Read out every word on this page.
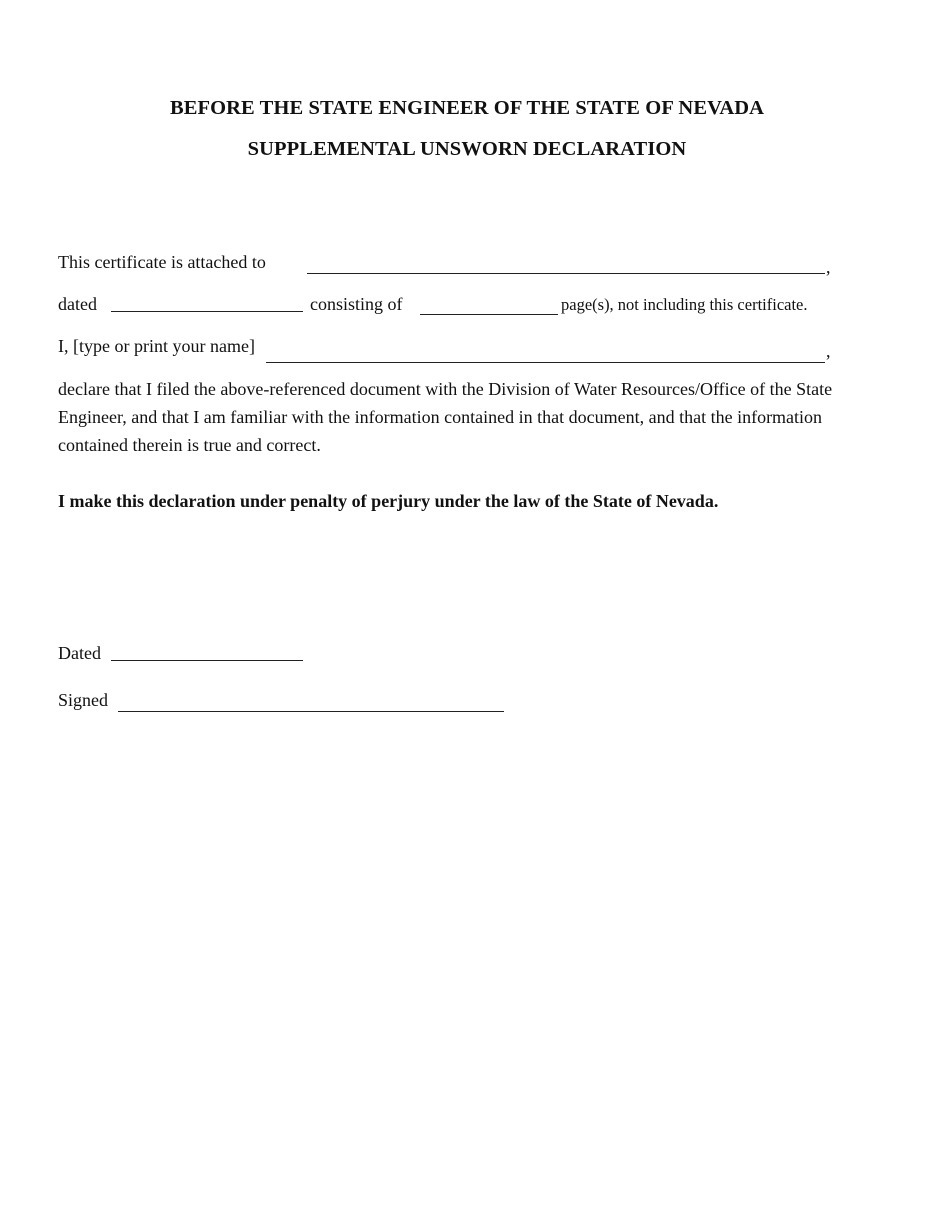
BEFORE THE STATE ENGINEER OF THE STATE OF NEVADA
SUPPLEMENTAL UNSWORN DECLARATION
This certificate is attached to	,
dated	consisting of	page(s), not including this certificate.
I, [type or print your name]	,
declare that I filed the above-referenced document with the Division of Water Resources/Office of the State Engineer, and that I am familiar with the information contained in that document, and that the information contained therein is true and correct.
I make this declaration under penalty of perjury under the law of the State of Nevada.
Dated
Signed
